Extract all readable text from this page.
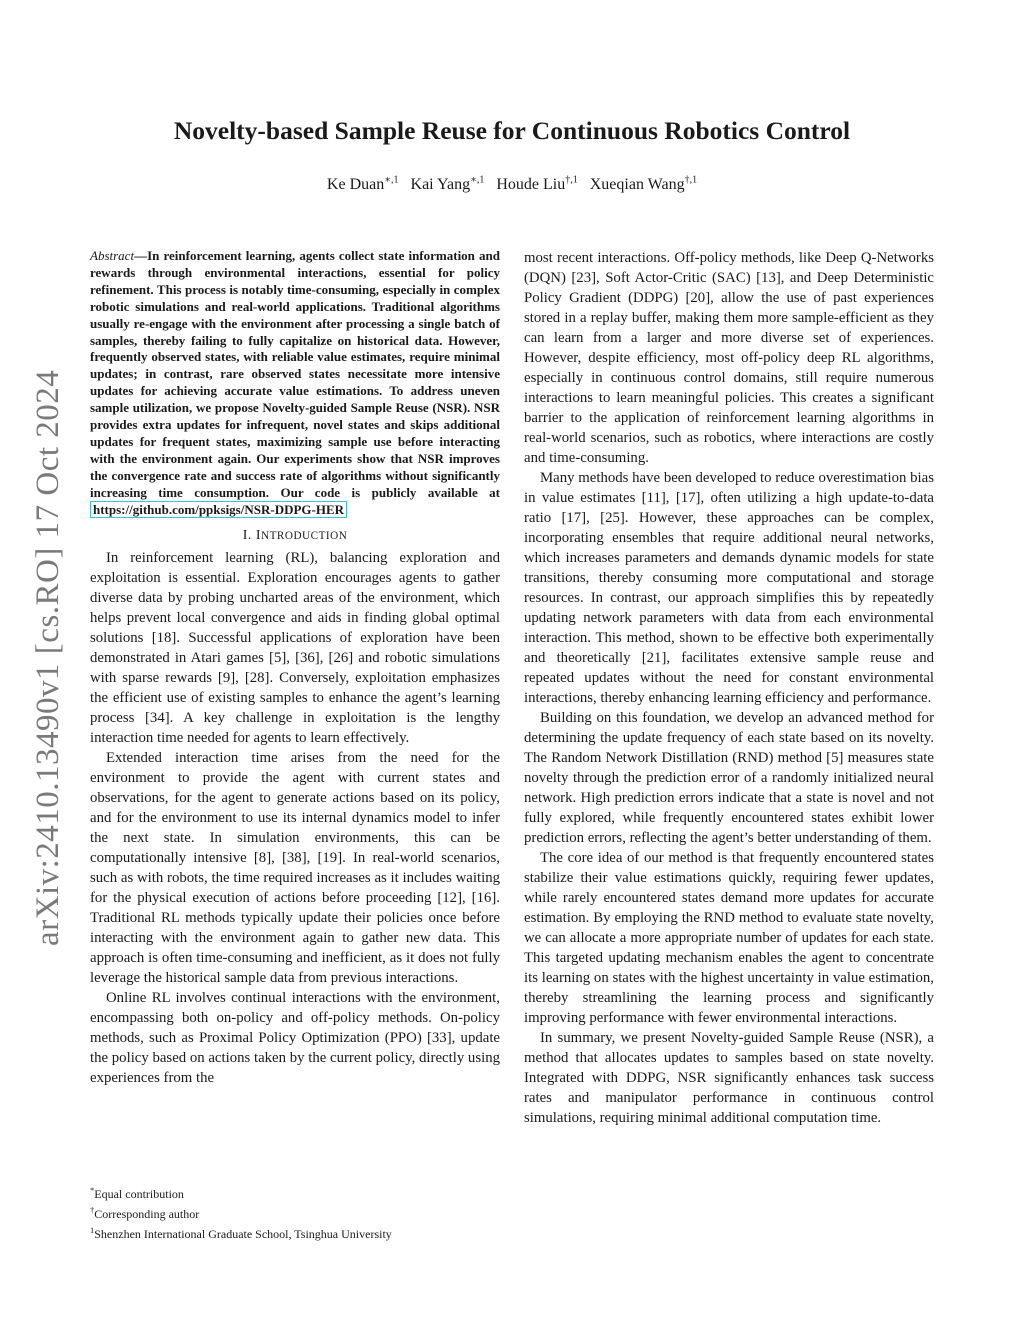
arXiv:2410.13490v1 [cs.RO] 17 Oct 2024
Novelty-based Sample Reuse for Continuous Robotics Control
Ke Duan$^{∗,1}$ Kai Yang$^{∗,1}$ Houde Liu$^{\dagger,1}$ Xueqian Wang$^{\dagger,1}$

Abstract—In reinforcement learning, agents collect state information and rewards through environmental interactions, essential for policy refinement. This process is notably time-consuming, especially in complex robotic simulations and real-world applications. Traditional algorithms usually re-engage with the environment after processing a single batch of samples, thereby failing to fully capitalize on historical data. However, frequently observed states, with reliable value estimates, require minimal updates; in contrast, rare observed states necessitate more intensive updates for achieving accurate value estimations. To address uneven sample utilization, we propose Novelty-guided Sample Reuse (NSR). NSR provides extra updates for infrequent, novel states and skips additional updates for frequent states, maximizing sample use before interacting with the environment again. Our experiments show that NSR improves the convergence rate and success rate of algorithms without significantly increasing time consumption. Our code is publicly available at https://github.com/ppksigs/NSR-DDPG-HER

I. INTRODUCTION

In reinforcement learning (RL), balancing exploration and exploitation is essential. Exploration encourages agents to gather diverse data by probing uncharted areas of the environment, which helps prevent local convergence and aids in finding global optimal solutions [18]. Successful applications of exploration have been demonstrated in Atari games [5], [36], [26] and robotic simulations with sparse rewards [9], [28]. Conversely, exploitation emphasizes the efficient use of existing samples to enhance the agent’s learning process [34]. A key challenge in exploitation is the lengthy interaction time needed for agents to learn effectively.

Extended interaction time arises from the need for the environment to provide the agent with current states and observations, for the agent to generate actions based on its policy, and for the environment to use its internal dynamics model to infer the next state. In simulation environments, this can be computationally intensive [8], [38], [19]. In real-world scenarios, such as with robots, the time required increases as it includes waiting for the physical execution of actions before proceeding [12], [16]. Traditional RL methods typically update their policies once before interacting with the environment again to gather new data. This approach is often time-consuming and inefficient, as it does not fully leverage the historical sample data from previous interactions.

Online RL involves continual interactions with the environment, encompassing both on-policy and off-policy methods. On-policy methods, such as Proximal Policy Optimization (PPO) [33], update the policy based on actions taken by the current policy, directly using experiences from the

most recent interactions. Off-policy methods, like Deep Q-Networks (DQN) [23], Soft Actor-Critic (SAC) [13], and Deep Deterministic Policy Gradient (DDPG) [20], allow the use of past experiences stored in a replay buffer, making them more sample-efficient as they can learn from a larger and more diverse set of experiences. However, despite efficiency, most off-policy deep RL algorithms, especially in continuous control domains, still require numerous interactions to learn meaningful policies. This creates a significant barrier to the application of reinforcement learning algorithms in real-world scenarios, such as robotics, where interactions are costly and time-consuming.

Many methods have been developed to reduce overestimation bias in value estimates [11], [17], often utilizing a high update-to-data ratio [17], [25]. However, these approaches can be complex, incorporating ensembles that require additional neural networks, which increases parameters and demands dynamic models for state transitions, thereby consuming more computational and storage resources. In contrast, our approach simplifies this by repeatedly updating network parameters with data from each environmental interaction. This method, shown to be effective both experimentally and theoretically [21], facilitates extensive sample reuse and repeated updates without the need for constant environmental interactions, thereby enhancing learning efficiency and performance.

Building on this foundation, we develop an advanced method for determining the update frequency of each state based on its novelty. The Random Network Distillation (RND) method [5] measures state novelty through the prediction error of a randomly initialized neural network. High prediction errors indicate that a state is novel and not fully explored, while frequently encountered states exhibit lower prediction errors, reflecting the agent’s better understanding of them.

The core idea of our method is that frequently encountered states stabilize their value estimations quickly, requiring fewer updates, while rarely encountered states demand more updates for accurate estimation. By employing the RND method to evaluate state novelty, we can allocate a more appropriate number of updates for each state. This targeted updating mechanism enables the agent to concentrate its learning on states with the highest uncertainty in value estimation, thereby streamlining the learning process and significantly improving performance with fewer environmental interactions.

In summary, we present Novelty-guided Sample Reuse (NSR), a method that allocates updates to samples based on state novelty. Integrated with DDPG, NSR significantly enhances task success rates and manipulator performance in continuous control simulations, requiring minimal additional computation time.

*Equal contribution
†Corresponding author
$^1$Shenzhen International Graduate School, Tsinghua University
